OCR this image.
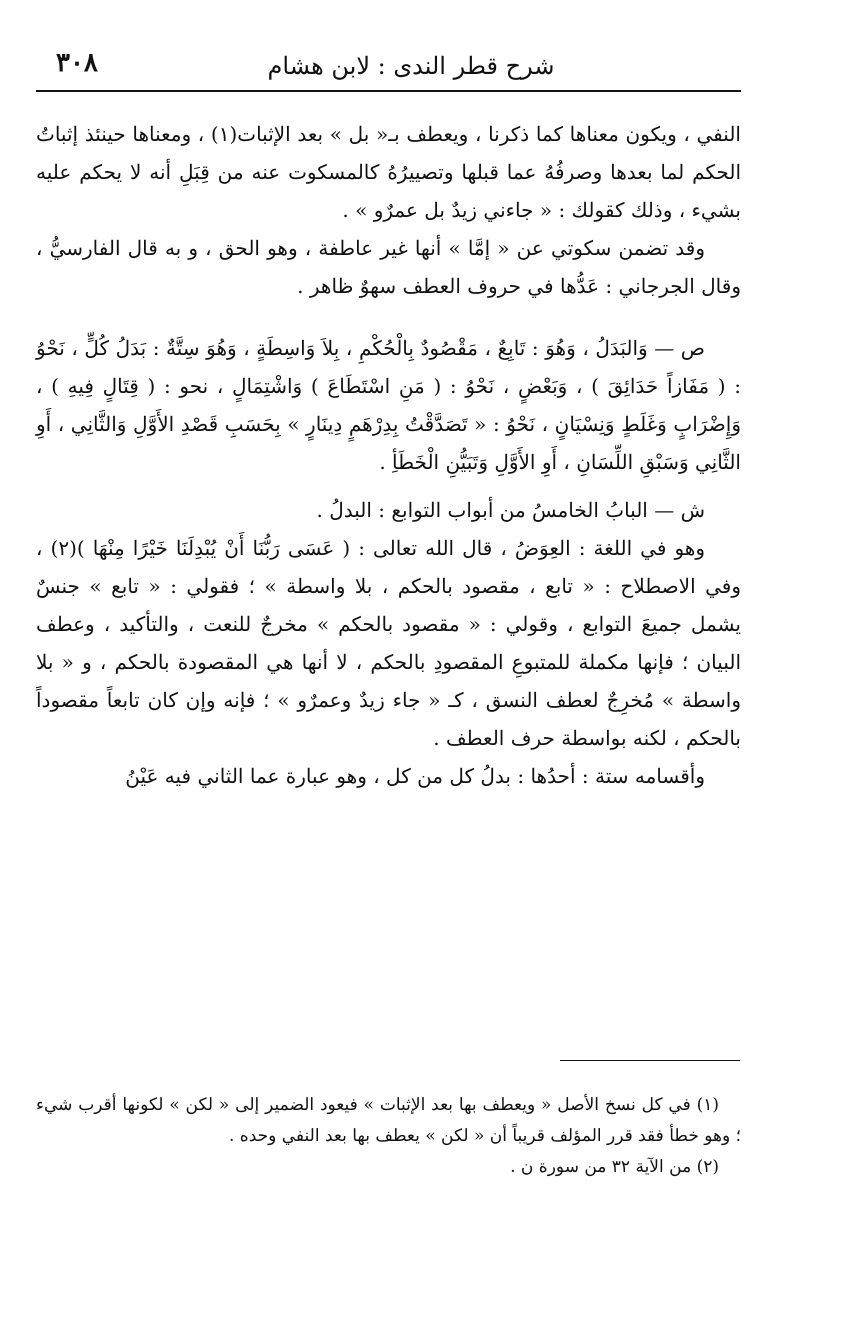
٣٠٨	شرح قطر الندى : لابن هشام

النفي ، ويكون معناها كما ذكرنا ، ويعطف بـ« بل » بعد الإثبات(١) ، ومعناها حينئذ إثباتُ الحكم لما بعدها وصرفُهُ عما قبلها وتصييرُهُ كالمسكوت عنه من قِبَلِ أنه لا يحكم عليه بشيء ، وذلك كقولك : « جاءني زيدٌ بل عمرٌو » .

وقد تضمن سكوتي عن « إمَّا » أنها غير عاطفة ، وهو الحق ، و به قال الفارسيُّ ، وقال الجرجاني : عَدُّها في حروف العطف سهوٌ ظاهر .

ص — وَالبَدَلُ ، وَهُوَ : تَابِعٌ ، مَقْصُودٌ بِالْحُكْمِ ، بِلاَ وَاسِطَةٍ ، وَهُوَ سِتَّةٌ : بَدَلُ كُلٍّ ، نَحْوُ : ( مَفَازاً حَدَائِقَ ) ، وَبَعْضٍ ، نَحْوُ : ( مَنِ اسْتَطَاعَ ) وَاشْتِمَالٍ ، نحو : ( قِتَالٍ فِيهِ ) ، وَإِضْرَابٍ وَغَلَطٍ وَنِسْيَانٍ ، نَحْوُ : « تَصَدَّقْتُ بِدِرْهَمٍ دِينَارٍ » بِحَسَبِ قَصْدِ الأَوَّلِ وَالثَّانِي ، أَوِ الثَّانِي وَسَبْقِ اللِّسَانِ ، أَوِ الأَوَّلِ وَتَبَيُّنِ الْخَطَأِ .

ش — البابُ الخامسُ من أبواب التوابع : البدلُ .

وهو في اللغة : العِوَضُ ، قال الله تعالى : ( عَسَى رَبُّنَا أَنْ يُبْدِلَنَا خَيْرًا مِنْهَا )(٢) ، وفي الاصطلاح : « تابع ، مقصود بالحكم ، بلا واسطة » ؛ فقولي : « تابع » جنسٌ يشمل جميعَ التوابع ، وقولي : « مقصود بالحكم » مخرجٌ للنعت ، والتأكيد ، وعطف البيان ؛ فإنها مكملة للمتبوعِ المقصودِ بالحكم ، لا أنها هي المقصودة بالحكم ، و « بلا واسطة » مُخرِجٌ لعطف النسق ، كـ « جاء زيدٌ وعمرٌو » ؛ فإنه وإن كان تابعاً مقصوداً بالحكم ، لكنه بواسطة حرف العطف .

وأقسامه ستة : أحدُها : بدلُ كل من كل ، وهو عبارة عما الثاني فيه عَيْنُ

(١) في كل نسخ الأصل « ويعطف بها بعد الإثبات » فيعود الضمير إلى « لكن » لكونها أقرب شيء ؛ وهو خطأ فقد قرر المؤلف قريباً أن « لكن » يعطف بها بعد النفي وحده .

(٢) من الآية ٣٢ من سورة ن .
